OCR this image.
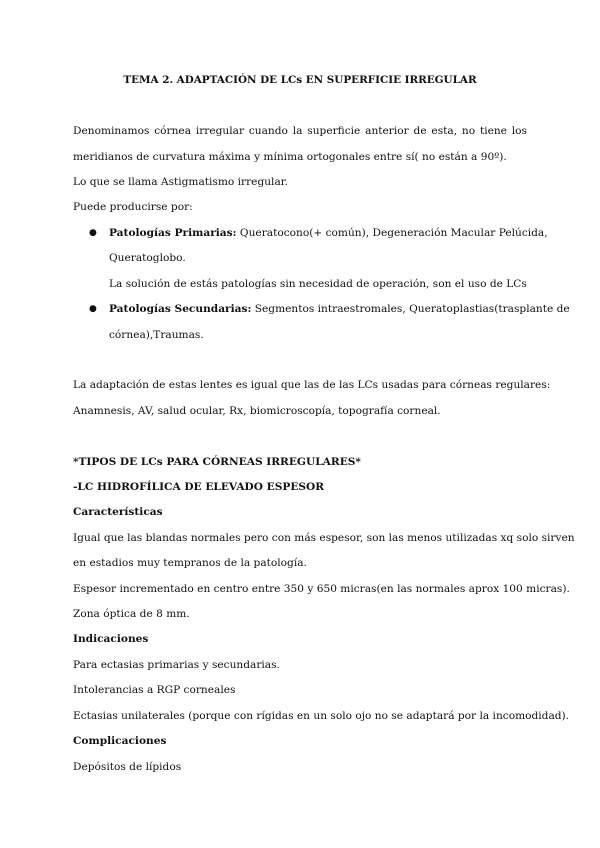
TEMA 2. ADAPTACIÓN DE LCs EN SUPERFICIE IRREGULAR
Denominamos córnea irregular cuando la superficie anterior de esta, no tiene los
meridianos de curvatura máxima y mínima ortogonales entre sí( no están a 90º).
Lo que se llama Astigmatismo irregular.
Puede producirse por:
● Patologías Primarias: Queratocono(+ común), Degeneración Macular Pelúcida,
Queratoglobo.
La solución de estás patologías sin necesidad de operación, son el uso de LCs
● Patologías Secundarias: Segmentos intraestromales, Queratoplastias(trasplante de
córnea),Traumas.
La adaptación de estas lentes es igual que las de las LCs usadas para córneas regulares:
Anamnesis, AV, salud ocular, Rx, biomicroscopía, topografía corneal.
*TIPOS DE LCs PARA CÓRNEAS IRREGULARES*
-LC HIDROFÍLICA DE ELEVADO ESPESOR
Características
Igual que las blandas normales pero con más espesor, son las menos utilizadas xq solo sirven
en estadios muy tempranos de la patología.
Espesor incrementado en centro entre 350 y 650 micras(en las normales aprox 100 micras).
Zona óptica de 8 mm.
Indicaciones
Para ectasias primarias y secundarias.
Intolerancias a RGP corneales
Ectasias unilaterales (porque con rígidas en un solo ojo no se adaptará por la incomodidad).
Complicaciones
Depósitos de lípidos
